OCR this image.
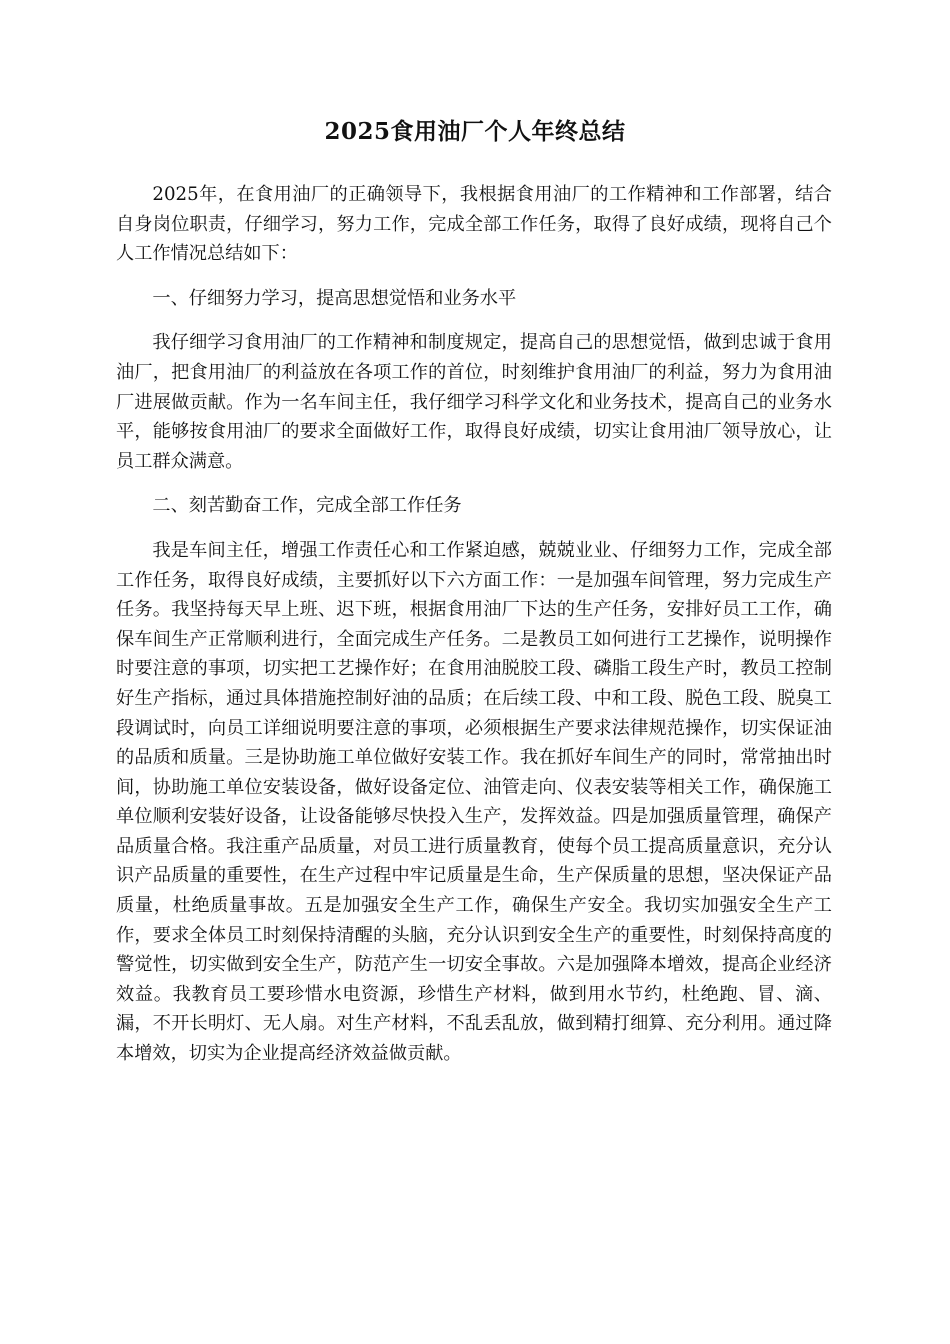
2025食用油厂个人年终总结

2025年，在食用油厂的正确领导下，我根据食用油厂的工作精神和工作部署，结合自身岗位职责，仔细学习，努力工作，完成全部工作任务，取得了良好成绩，现将自己个人工作情况总结如下：

一、仔细努力学习，提高思想觉悟和业务水平

我仔细学习食用油厂的工作精神和制度规定，提高自己的思想觉悟，做到忠诚于食用油厂，把食用油厂的利益放在各项工作的首位，时刻维护食用油厂的利益，努力为食用油厂进展做贡献。作为一名车间主任，我仔细学习科学文化和业务技术，提高自己的业务水平，能够按食用油厂的要求全面做好工作，取得良好成绩，切实让食用油厂领导放心，让员工群众满意。

二、刻苦勤奋工作，完成全部工作任务

我是车间主任，增强工作责任心和工作紧迫感，兢兢业业、仔细努力工作，完成全部工作任务，取得良好成绩，主要抓好以下六方面工作：一是加强车间管理，努力完成生产任务。我坚持每天早上班、迟下班，根据食用油厂下达的生产任务，安排好员工工作，确保车间生产正常顺利进行，全面完成生产任务。二是教员工如何进行工艺操作，说明操作时要注意的事项，切实把工艺操作好；在食用油脱胶工段、磷脂工段生产时，教员工控制好生产指标，通过具体措施控制好油的品质；在后续工段、中和工段、脱色工段、脱臭工段调试时，向员工详细说明要注意的事项，必须根据生产要求法律规范操作，切实保证油的品质和质量。三是协助施工单位做好安装工作。我在抓好车间生产的同时，常常抽出时间，协助施工单位安装设备，做好设备定位、油管走向、仪表安装等相关工作，确保施工单位顺利安装好设备，让设备能够尽快投入生产，发挥效益。四是加强质量管理，确保产品质量合格。我注重产品质量，对员工进行质量教育，使每个员工提高质量意识，充分认识产品质量的重要性，在生产过程中牢记质量是生命，生产保质量的思想，坚决保证产品质量，杜绝质量事故。五是加强安全生产工作，确保生产安全。我切实加强安全生产工作，要求全体员工时刻保持清醒的头脑，充分认识到安全生产的重要性，时刻保持高度的警觉性，切实做到安全生产，防范产生一切安全事故。六是加强降本增效，提高企业经济效益。我教育员工要珍惜水电资源，珍惜生产材料，做到用水节约，杜绝跑、冒、滴、漏，不开长明灯、无人扇。对生产材料，不乱丢乱放，做到精打细算、充分利用。通过降本增效，切实为企业提高经济效益做贡献。
